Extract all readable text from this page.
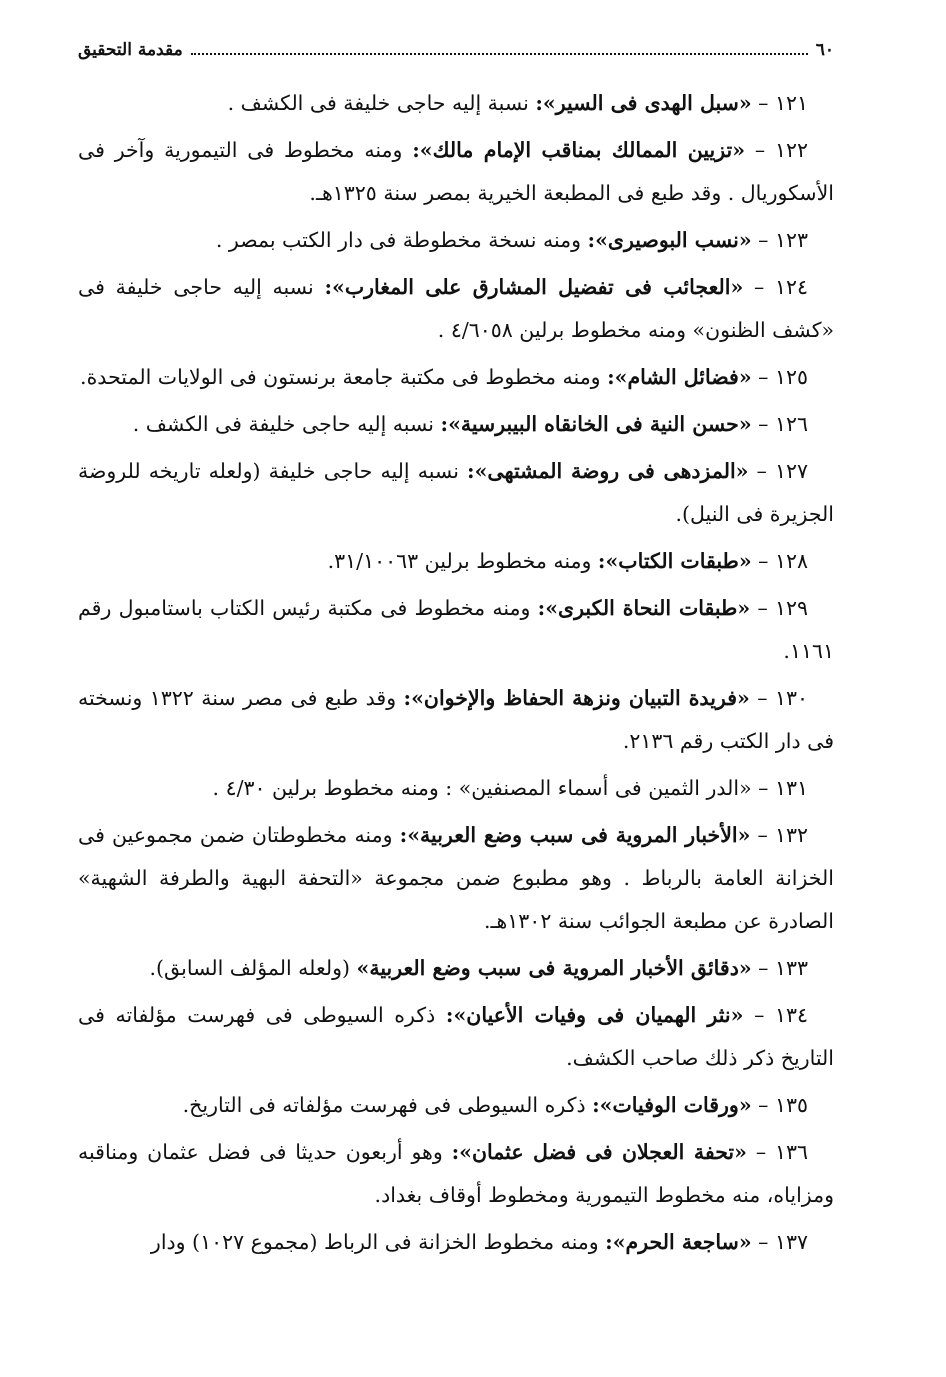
٦٠
مقدمة التحقيق

١٢١ – «سبل الهدى فى السير»: نسبة إليه حاجى خليفة فى الكشف .

١٢٢ – «تزيين الممالك بمناقب الإمام مالك»: ومنه مخطوط فى التيمورية وآخر فى الأسكوريال . وقد طبع فى المطبعة الخيرية بمصر سنة ١٣٢٥هـ.

١٢٣ – «نسب البوصيرى»: ومنه نسخة مخطوطة فى دار الكتب بمصر .

١٢٤ – «العجائب فى تفضيل المشارق على المغارب»: نسبه إليه حاجى خليفة فى «كشف الظنون» ومنه مخطوط برلين ٤/٦٠٥٨ .

١٢٥ – «فضائل الشام»: ومنه مخطوط فى مكتبة جامعة برنستون فى الولايات المتحدة.

١٢٦ – «حسن النية فى الخانقاه البيبرسية»: نسبه إليه حاجى خليفة فى الكشف .

١٢٧ – «المزدهى فى روضة المشتهى»: نسبه إليه حاجى خليفة (ولعله تاريخه للروضة الجزيرة فى النيل).

١٢٨ – «طبقات الكتاب»: ومنه مخطوط برلين ٣١/١٠٠٦٣.

١٢٩ – «طبقات النحاة الكبرى»: ومنه مخطوط فى مكتبة رئيس الكتاب باستامبول رقم ١١٦١.

١٣٠ – «فريدة التبيان ونزهة الحفاظ والإخوان»: وقد طبع فى مصر سنة ١٣٢٢ ونسخته فى دار الكتب رقم ٢١٣٦.

١٣١ – «الدر الثمين فى أسماء المصنفين» : ومنه مخطوط برلين ٤/٣٠ .

١٣٢ – «الأخبار المروية فى سبب وضع العربية»: ومنه مخطوطتان ضمن مجموعين فى الخزانة العامة بالرباط . وهو مطبوع ضمن مجموعة «التحفة البهية والطرفة الشهية» الصادرة عن مطبعة الجوائب سنة ١٣٠٢هـ.

١٣٣ – «دقائق الأخبار المروية فى سبب وضع العربية» (ولعله المؤلف السابق).

١٣٤ – «نثر الهميان فى وفيات الأعيان»: ذكره السيوطى فى فهرست مؤلفاته فى التاريخ ذكر ذلك صاحب الكشف.

١٣٥ – «ورقات الوفيات»: ذكره السيوطى فى فهرست مؤلفاته فى التاريخ.

١٣٦ – «تحفة العجلان فى فضل عثمان»: وهو أربعون حديثا فى فضل عثمان ومناقبه ومزاياه، منه مخطوط التيمورية ومخطوط أوقاف بغداد.

١٣٧ – «ساجعة الحرم»: ومنه مخطوط الخزانة فى الرباط (مجموع ١٠٢٧) ودار
